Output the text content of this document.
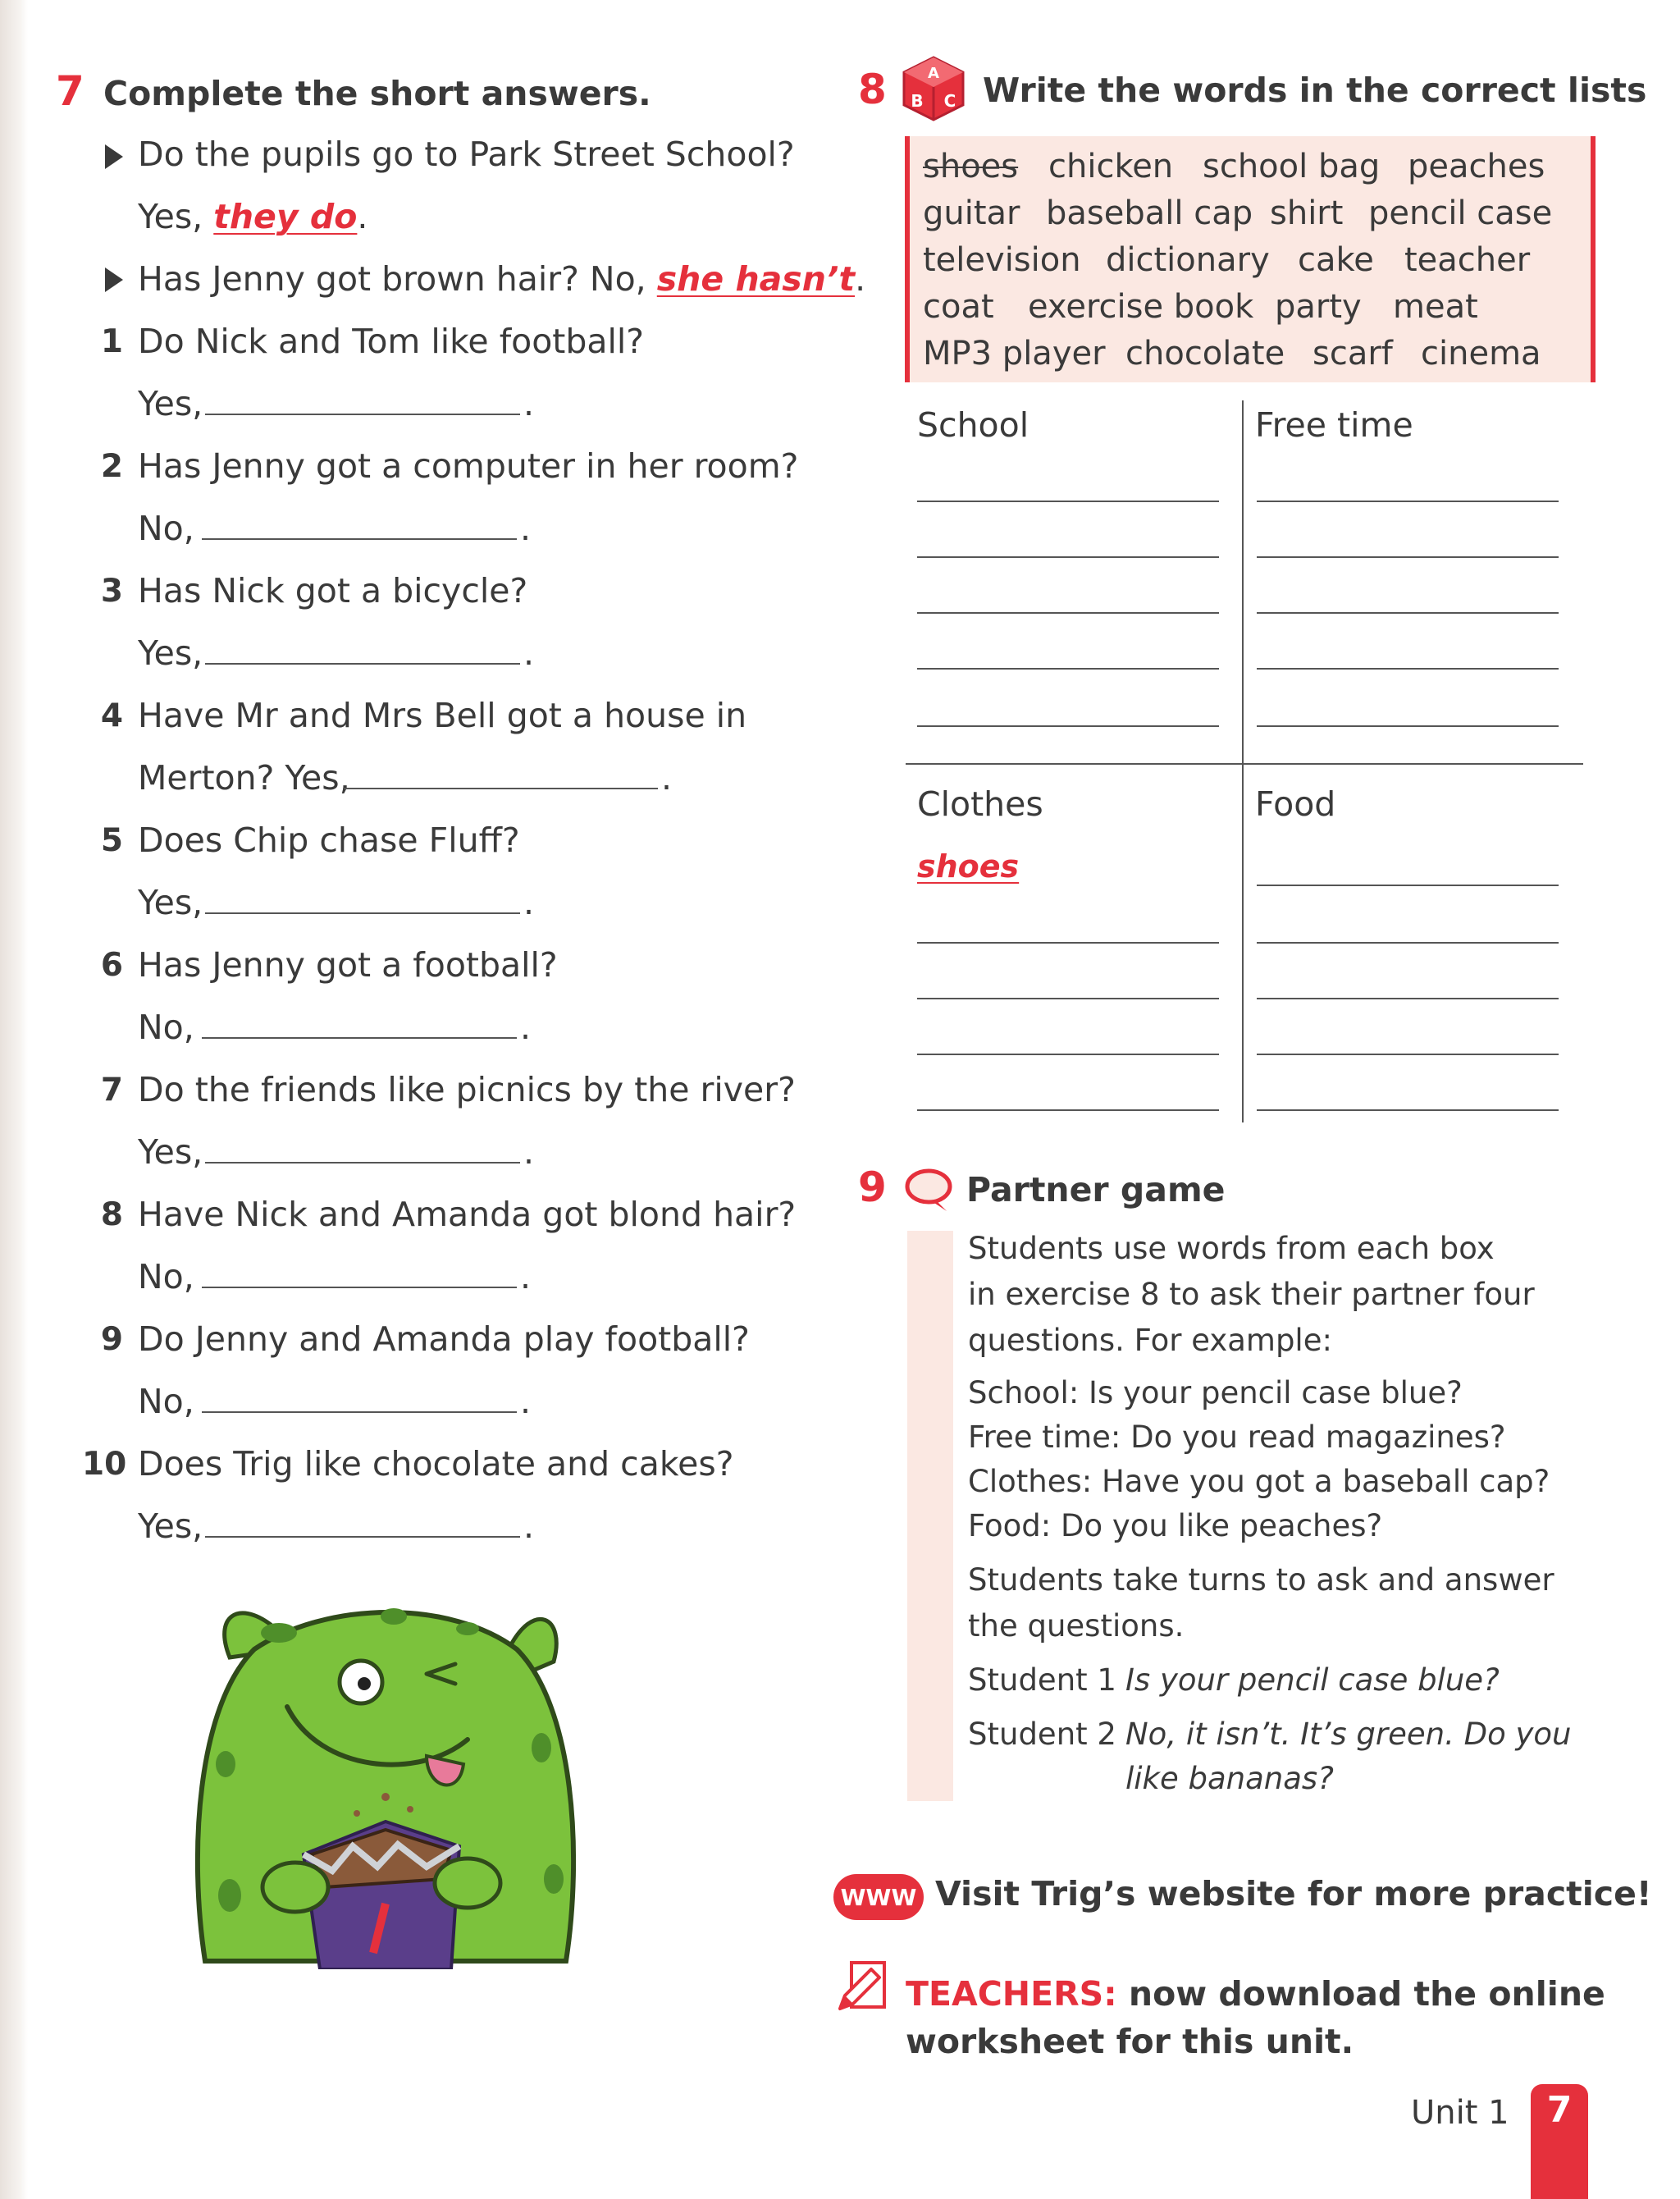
7 Complete the short answers.
Do the pupils go to Park Street School?
Yes, they do.
Has Jenny got brown hair? No, she hasn’t.
1 Do Nick and Tom like football?
Yes,	.
2 Has Jenny got a computer in her room?
No,	.
3 Has Nick got a bicycle?
Yes,	.
4 Have Mr and Mrs Bell got a house in
Merton? Yes,	.
5 Does Chip chase Fluff?
Yes,	.
6 Has Jenny got a football?
No,	.
7 Do the friends like picnics by the river?
Yes,	.
8 Have Nick and Amanda got blond hair?
No,	.
9 Do Jenny and Amanda play football?
No,	.
10 Does Trig like chocolate and cakes?
Yes,	.
8	A
B C Write the words in the correct lists
shoes chicken school bag peaches
guitar baseball cap shirt pencil case
television dictionary cake teacher
coat exercise book party meat
MP3 player chocolate scarf cinema
School	Free time
Clothes	Food
shoes
9 Partner game
Students use words from each box
in exercise 8 to ask their partner four
questions. For example:
School: Is your pencil case blue?
Free time: Do you read magazines?
Clothes: Have you got a baseball cap?
Food: Do you like peaches?
Students take turns to ask and answer
the questions.
Student 1 Is your pencil case blue?
Student 2 No, it isn’t. It’s green. Do you
like bananas?
WWW Visit Trig’s website for more practice!
TEACHERS: now download the online
worksheet for this unit.
Unit 1	7
